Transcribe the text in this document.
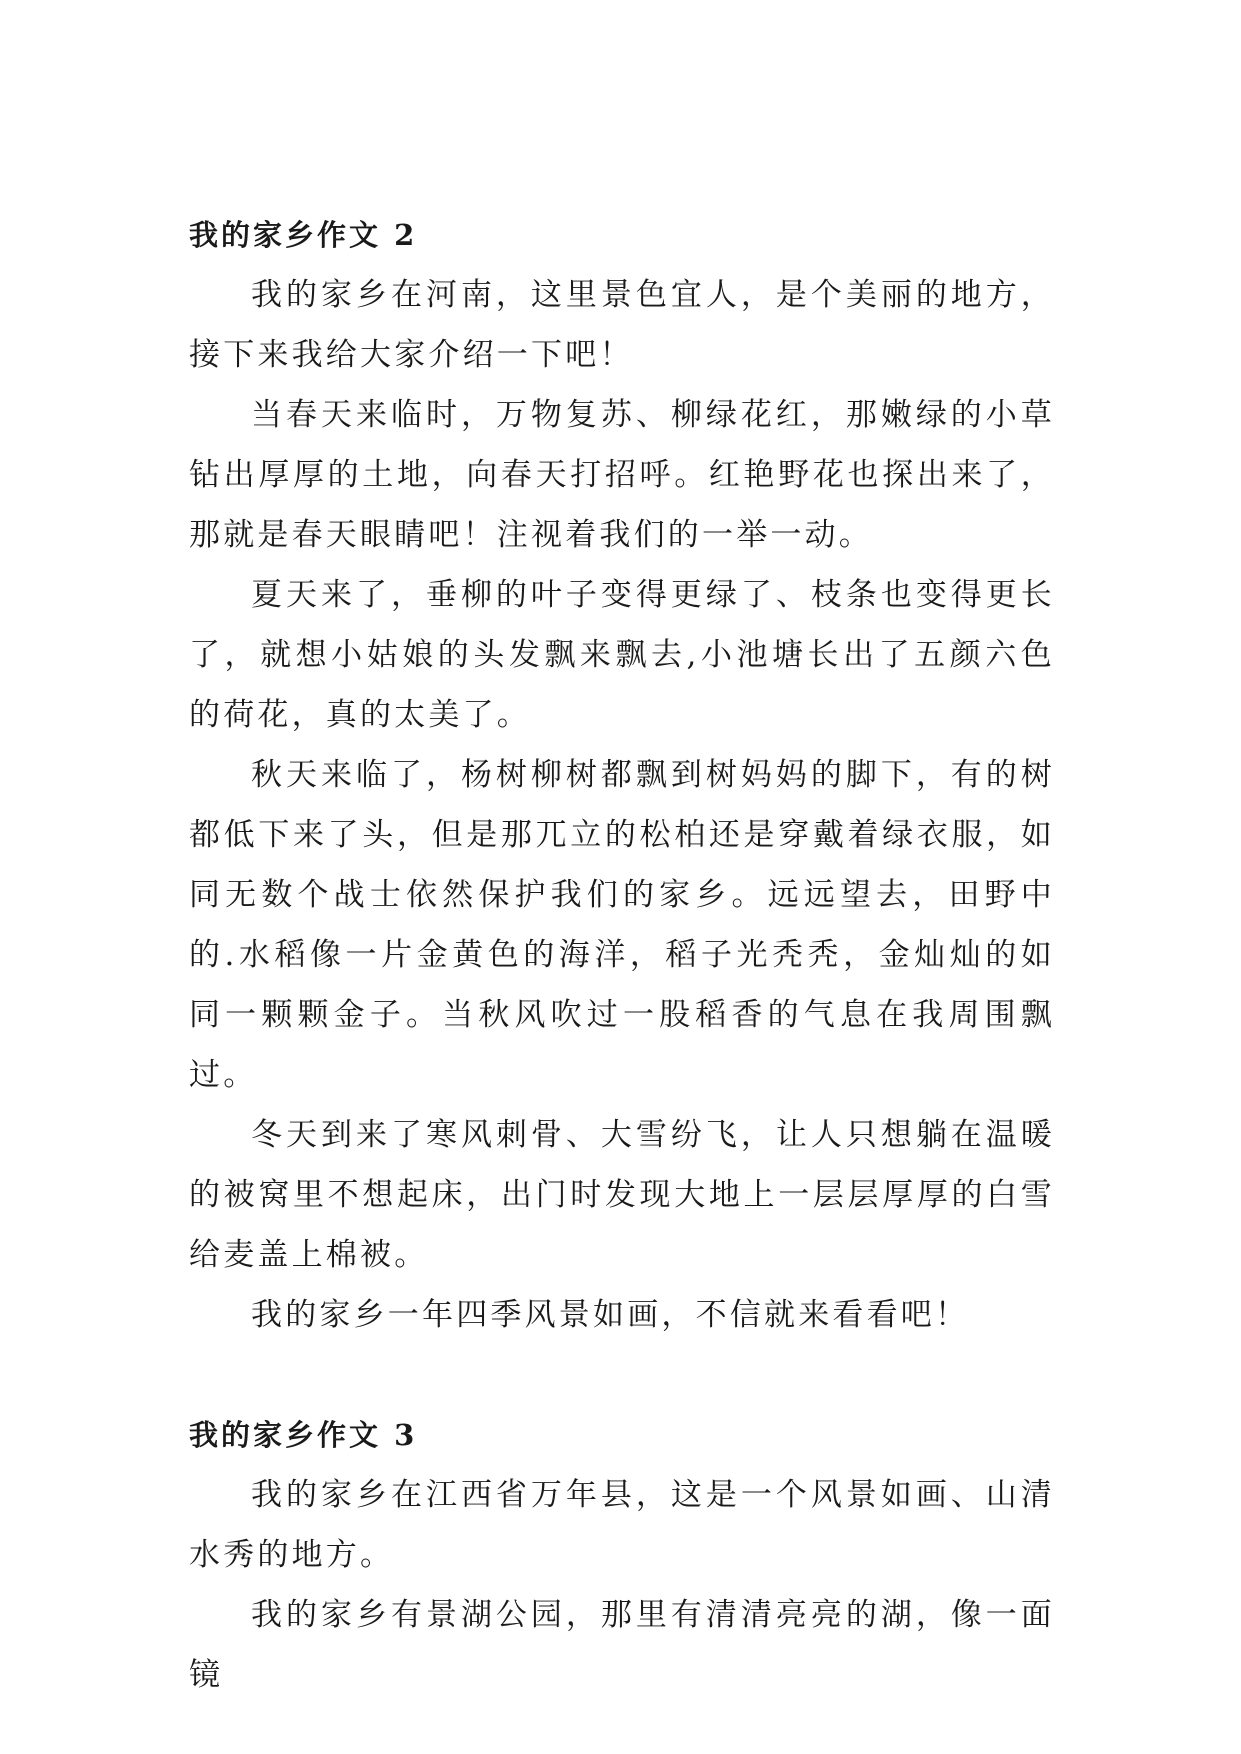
我的家乡作文 2

我的家乡在河南，这里景色宜人，是个美丽的地方，接下来我给大家介绍一下吧！

当春天来临时，万物复苏、柳绿花红，那嫩绿的小草钻出厚厚的土地，向春天打招呼。红艳野花也探出来了，那就是春天眼睛吧！注视着我们的一举一动。

夏天来了，垂柳的叶子变得更绿了、枝条也变得更长了，就想小姑娘的头发飘来飘去,小池塘长出了五颜六色的荷花，真的太美了。

秋天来临了，杨树柳树都飘到树妈妈的脚下，有的树都低下来了头，但是那兀立的松柏还是穿戴着绿衣服，如同无数个战士依然保护我们的家乡。远远望去，田野中的.水稻像一片金黄色的海洋，稻子光秃秃，金灿灿的如同一颗颗金子。当秋风吹过一股稻香的气息在我周围飘过。

冬天到来了寒风刺骨、大雪纷飞，让人只想躺在温暖的被窝里不想起床，出门时发现大地上一层层厚厚的白雪给麦盖上棉被。

我的家乡一年四季风景如画，不信就来看看吧！

我的家乡作文 3

我的家乡在江西省万年县，这是一个风景如画、山清水秀的地方。

我的家乡有景湖公园，那里有清清亮亮的湖，像一面镜
